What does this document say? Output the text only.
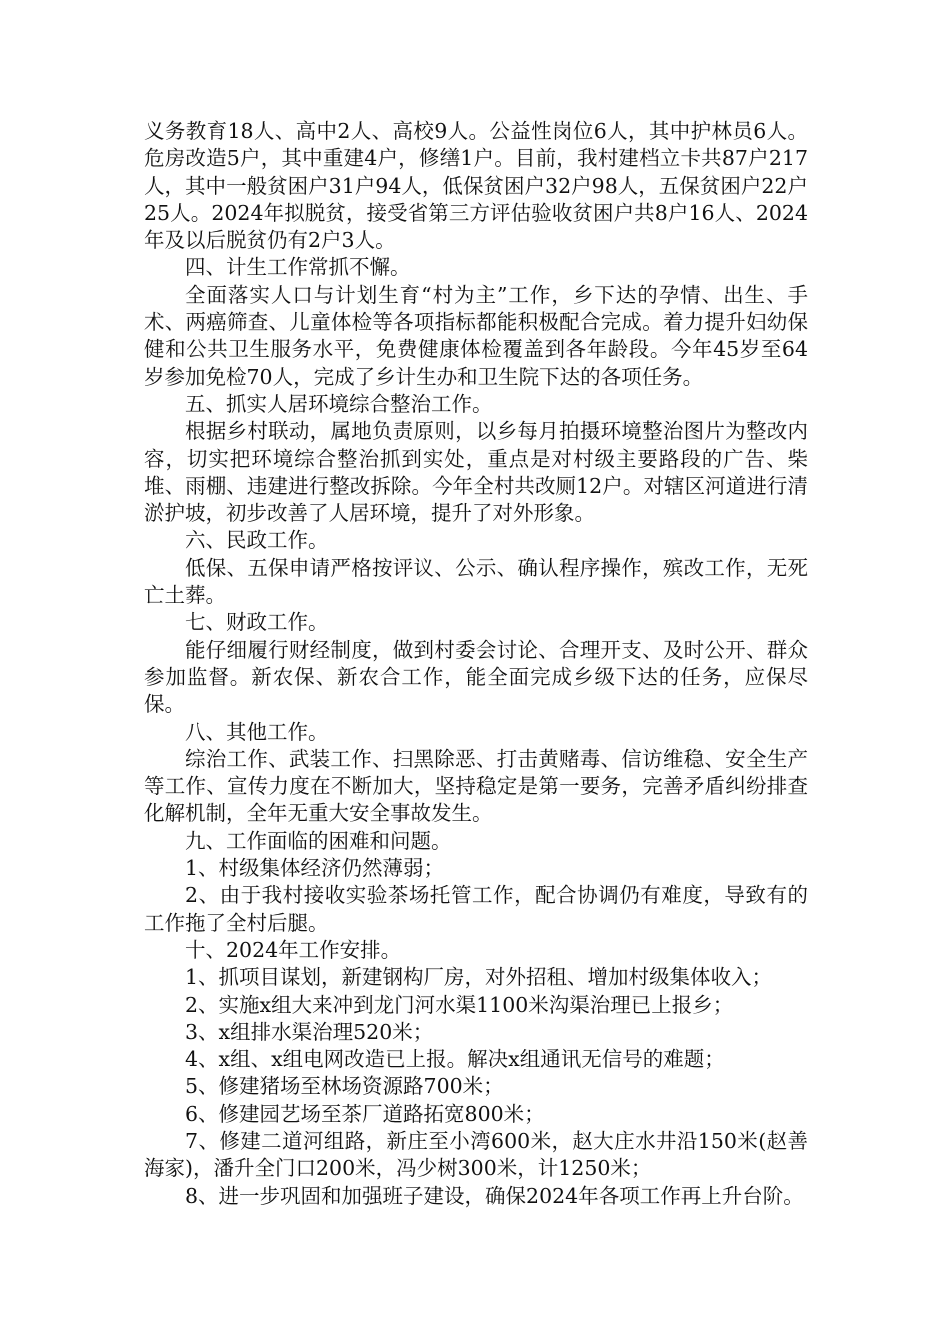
义务教育18人、高中2人、高校9人。公益性岗位6人，其中护林员6人。危房改造5户，其中重建4户，修缮1户。目前，我村建档立卡共87户217人，其中一般贫困户31户94人，低保贫困户32户98人，五保贫困户22户25人。2024年拟脱贫，接受省第三方评估验收贫困户共8户16人、2024年及以后脱贫仍有2户3人。

四、计生工作常抓不懈。

全面落实人口与计划生育“村为主”工作，乡下达的孕情、出生、手术、两癌筛查、儿童体检等各项指标都能积极配合完成。着力提升妇幼保健和公共卫生服务水平，免费健康体检覆盖到各年龄段。今年45岁至64岁参加免检70人，完成了乡计生办和卫生院下达的各项任务。

五、抓实人居环境综合整治工作。

根据乡村联动，属地负责原则，以乡每月拍摄环境整治图片为整改内容，切实把环境综合整治抓到实处，重点是对村级主要路段的广告、柴堆、雨棚、违建进行整改拆除。今年全村共改厕12户。对辖区河道进行清淤护坡，初步改善了人居环境，提升了对外形象。

六、民政工作。

低保、五保申请严格按评议、公示、确认程序操作，殡改工作，无死亡土葬。

七、财政工作。

能仔细履行财经制度，做到村委会讨论、合理开支、及时公开、群众参加监督。新农保、新农合工作，能全面完成乡级下达的任务，应保尽保。

八、其他工作。

综治工作、武装工作、扫黑除恶、打击黄赌毒、信访维稳、安全生产等工作、宣传力度在不断加大，坚持稳定是第一要务，完善矛盾纠纷排查化解机制，全年无重大安全事故发生。

九、工作面临的困难和问题。

1、村级集体经济仍然薄弱；

2、由于我村接收实验茶场托管工作，配合协调仍有难度，导致有的工作拖了全村后腿。

十、2024年工作安排。

1、抓项目谋划，新建钢构厂房，对外招租、增加村级集体收入；

2、实施x组大来冲到龙门河水渠1100米沟渠治理已上报乡；

3、x组排水渠治理520米；

4、x组、x组电网改造已上报。解决x组通讯无信号的难题；

5、修建猪场至林场资源路700米；

6、修建园艺场至茶厂道路拓宽800米；

7、修建二道河组路，新庄至小湾600米，赵大庄水井沿150米(赵善海家)，潘升全门口200米，冯少树300米，计1250米；

8、进一步巩固和加强班子建设，确保2024年各项工作再上升台阶。
